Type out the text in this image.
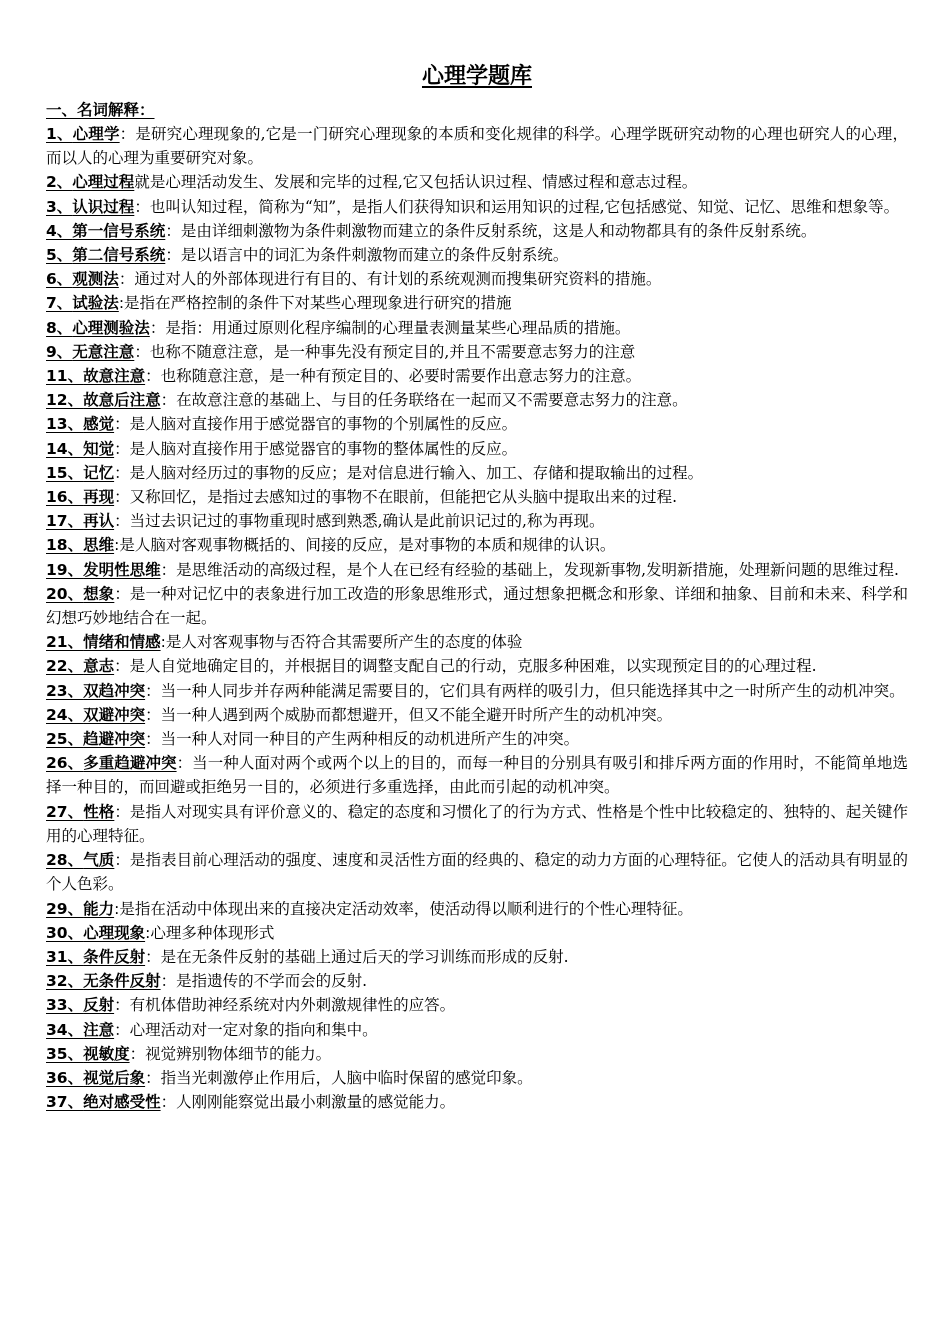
心理学题库
一、名词解释：
1、心理学：是研究心理现象的,它是一门研究心理现象的本质和变化规律的科学。心理学既研究动物的心理也研究人的心理，而以人的心理为重要研究对象。
2、心理过程就是心理活动发生、发展和完毕的过程,它又包括认识过程、情感过程和意志过程。
3、认识过程：也叫认知过程，简称为“知”，是指人们获得知识和运用知识的过程,它包括感觉、知觉、记忆、思维和想象等。
4、第一信号系统：是由详细刺激物为条件刺激物而建立的条件反射系统，这是人和动物都具有的条件反射系统。
5、第二信号系统：是以语言中的词汇为条件刺激物而建立的条件反射系统。
6、观测法：通过对人的外部体现进行有目的、有计划的系统观测而搜集研究资料的措施。
7、试验法:是指在严格控制的条件下对某些心理现象进行研究的措施
8、心理测验法：是指：用通过原则化程序编制的心理量表测量某些心理品质的措施。
9、无意注意：也称不随意注意，是一种事先没有预定目的,并且不需要意志努力的注意
11、故意注意：也称随意注意，是一种有预定目的、必要时需要作出意志努力的注意。
12、故意后注意：在故意注意的基础上、与目的任务联络在一起而又不需要意志努力的注意。
13、感觉：是人脑对直接作用于感觉器官的事物的个别属性的反应。
14、知觉：是人脑对直接作用于感觉器官的事物的整体属性的反应。
15、记忆：是人脑对经历过的事物的反应；是对信息进行输入、加工、存储和提取输出的过程。
16、再现：又称回忆，是指过去感知过的事物不在眼前，但能把它从头脑中提取出来的过程.
17、再认：当过去识记过的事物重现时感到熟悉,确认是此前识记过的,称为再现。
18、思维:是人脑对客观事物概括的、间接的反应，是对事物的本质和规律的认识。
19、发明性思维：是思维活动的高级过程，是个人在已经有经验的基础上，发现新事物,发明新措施，处理新问题的思维过程.
20、想象：是一种对记忆中的表象进行加工改造的形象思维形式，通过想象把概念和形象、详细和抽象、目前和未来、科学和幻想巧妙地结合在一起。
21、情绪和情感:是人对客观事物与否符合其需要所产生的态度的体验
22、意志：是人自觉地确定目的，并根据目的调整支配自己的行动，克服多种困难，以实现预定目的的心理过程.
23、双趋冲突：当一种人同步并存两种能满足需要目的，它们具有两样的吸引力，但只能选择其中之一时所产生的动机冲突。
24、双避冲突：当一种人遇到两个威胁而都想避开，但又不能全避开时所产生的动机冲突。
25、趋避冲突：当一种人对同一种目的产生两种相反的动机进所产生的冲突。
26、多重趋避冲突：当一种人面对两个或两个以上的目的，而每一种目的分别具有吸引和排斥两方面的作用时，不能简单地选择一种目的，而回避或拒绝另一目的，必须进行多重选择，由此而引起的动机冲突。
27、性格：是指人对现实具有评价意义的、稳定的态度和习惯化了的行为方式、性格是个性中比较稳定的、独特的、起关键作用的心理特征。
28、气质：是指表目前心理活动的强度、速度和灵活性方面的经典的、稳定的动力方面的心理特征。它使人的活动具有明显的个人色彩。
29、能力:是指在活动中体现出来的直接决定活动效率，使活动得以顺利进行的个性心理特征。
30、心理现象:心理多种体现形式
31、条件反射：是在无条件反射的基础上通过后天的学习训练而形成的反射.
32、无条件反射：是指遗传的不学而会的反射.
33、反射：有机体借助神经系统对内外刺激规律性的应答。
34、注意：心理活动对一定对象的指向和集中。
35、视敏度：视觉辨别物体细节的能力。
36、视觉后象：指当光刺激停止作用后，人脑中临时保留的感觉印象。
37、绝对感受性：人刚刚能察觉出最小刺激量的感觉能力。
